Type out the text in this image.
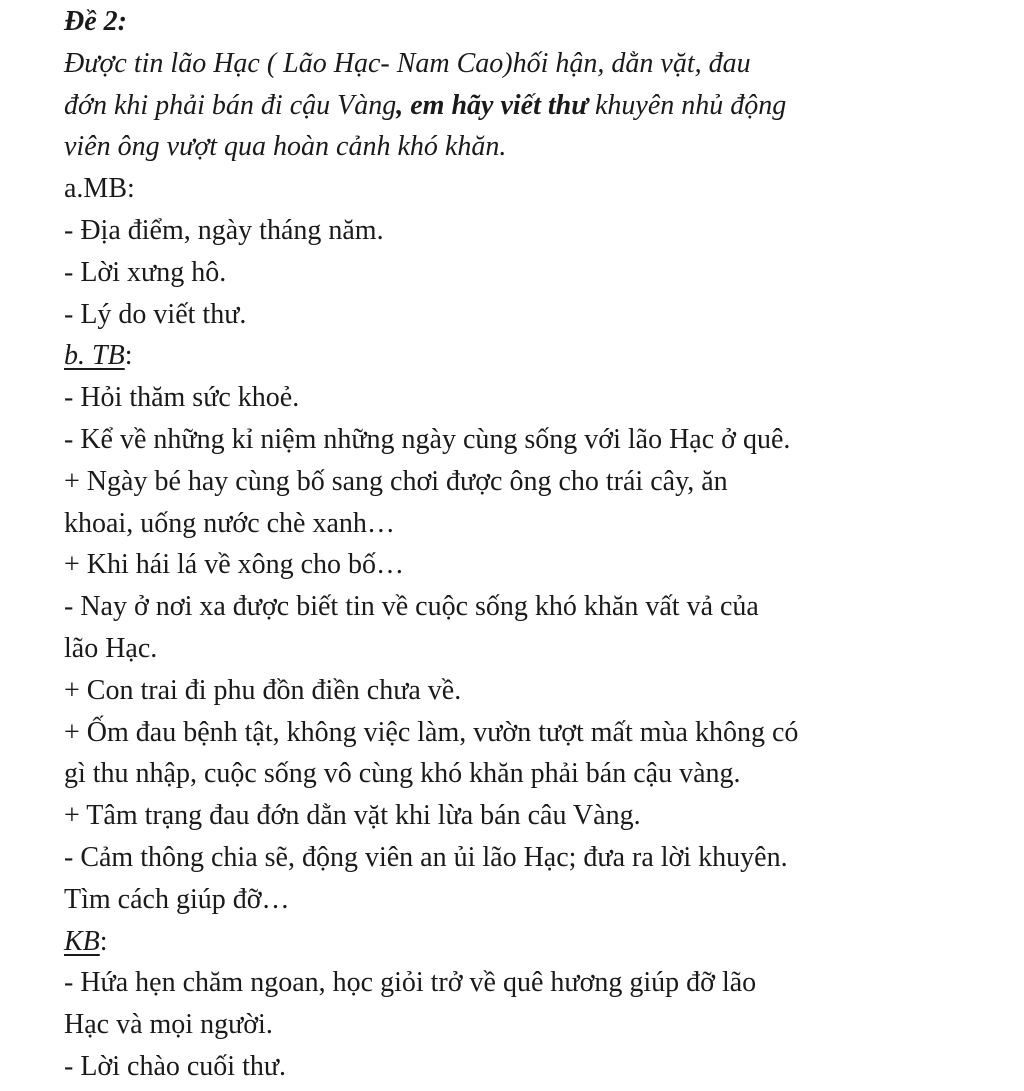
Đề 2:
Được tin lão Hạc ( Lão Hạc- Nam Cao)hối hận, dằn vặt, đau
đớn khi phải bán đi cậu Vàng, em hãy viết thư khuyên nhủ động
viên ông vượt qua hoàn cảnh khó khăn.
a.MB:
- Địa điểm, ngày tháng năm.
- Lời xưng hô.
- Lý do viết thư.
b. TB:
- Hỏi thăm sức khoẻ.
- Kể về những kỉ niệm những ngày cùng sống với lão Hạc ở quê.
+ Ngày bé hay cùng bố sang chơi được ông cho trái cây, ăn
khoai, uống nước chè xanh…
+ Khi hái lá về xông cho bố…
- Nay ở nơi xa được biết tin về cuộc sống khó khăn vất vả của
lão Hạc.
+ Con trai đi phu đồn điền chưa về.
+ Ốm đau bệnh tật, không việc làm, vườn tượt mất mùa không có
gì thu nhập, cuộc sống vô cùng khó khăn phải bán cậu vàng.
+ Tâm trạng đau đớn dằn vặt khi lừa bán câu Vàng.
- Cảm thông chia sẽ, động viên an ủi lão Hạc; đưa ra lời khuyên.
Tìm cách giúp đỡ…
KB:
- Hứa hẹn chăm ngoan, học giỏi trở về quê hương giúp đỡ lão
Hạc và mọi người.
- Lời chào cuối thư.
